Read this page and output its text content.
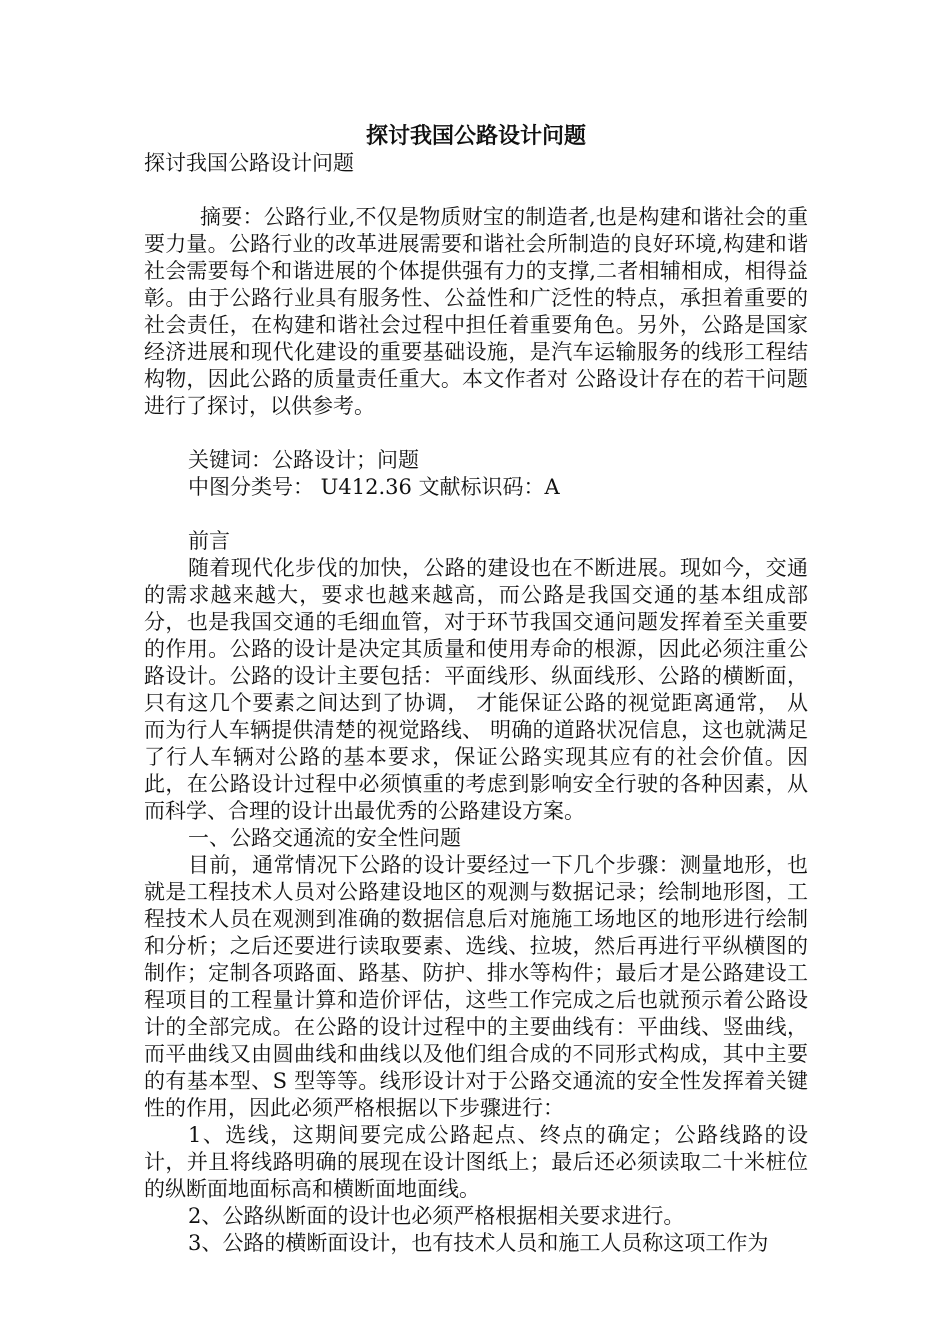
探讨我国公路设计问题

探讨我国公路设计问题

摘要：公路行业,不仅是物质财宝的制造者,也是构建和谐社会的重要力量。公路行业的改革进展需要和谐社会所制造的良好环境,构建和谐社会需要每个和谐进展的个体提供强有力的支撑,二者相辅相成，相得益彰。由于公路行业具有服务性、公益性和广泛性的特点，承担着重要的社会责任，在构建和谐社会过程中担任着重要角色。另外，公路是国家经济进展和现代化建设的重要基础设施，是汽车运输服务的线形工程结构物，因此公路的质量责任重大。本文作者对 公路设计存在的若干问题进行了探讨，以供参考。

关键词：公路设计；问题

中图分类号： U412.36 文献标识码：A

前言

随着现代化步伐的加快，公路的建设也在不断进展。现如今，交通的需求越来越大，要求也越来越高，而公路是我国交通的基本组成部分，也是我国交通的毛细血管，对于环节我国交通问题发挥着至关重要的作用。公路的设计是决定其质量和使用寿命的根源，因此必须注重公路设计。公路的设计主要包括：平面线形、纵面线形、公路的横断面，只有这几个要素之间达到了协调， 才能保证公路的视觉距离通常， 从而为行人车辆提供清楚的视觉路线、 明确的道路状况信息，这也就满足了行人车辆对公路的基本要求，保证公路实现其应有的社会价值。因此，在公路设计过程中必须慎重的考虑到影响安全行驶的各种因素，从而科学、合理的设计出最优秀的公路建设方案。

一、公路交通流的安全性问题

目前，通常情况下公路的设计要经过一下几个步骤：测量地形，也就是工程技术人员对公路建设地区的观测与数据记录；绘制地形图，工程技术人员在观测到准确的数据信息后对施施工场地区的地形进行绘制和分析；之后还要进行读取要素、选线、拉坡，然后再进行平纵横图的制作；定制各项路面、路基、防护、排水等构件；最后才是公路建设工程项目的工程量计算和造价评估，这些工作完成之后也就预示着公路设计的全部完成。在公路的设计过程中的主要曲线有：平曲线、竖曲线，而平曲线又由圆曲线和曲线以及他们组合成的不同形式构成，其中主要的有基本型、S 型等等。线形设计对于公路交通流的安全性发挥着关键性的作用，因此必须严格根据以下步骤进行：

1、选线，这期间要完成公路起点、终点的确定；公路线路的设计，并且将线路明确的展现在设计图纸上；最后还必须读取二十米桩位的纵断面地面标高和横断面地面线。

2、公路纵断面的设计也必须严格根据相关要求进行。

3、公路的横断面设计，也有技术人员和施工人员称这项工作为
